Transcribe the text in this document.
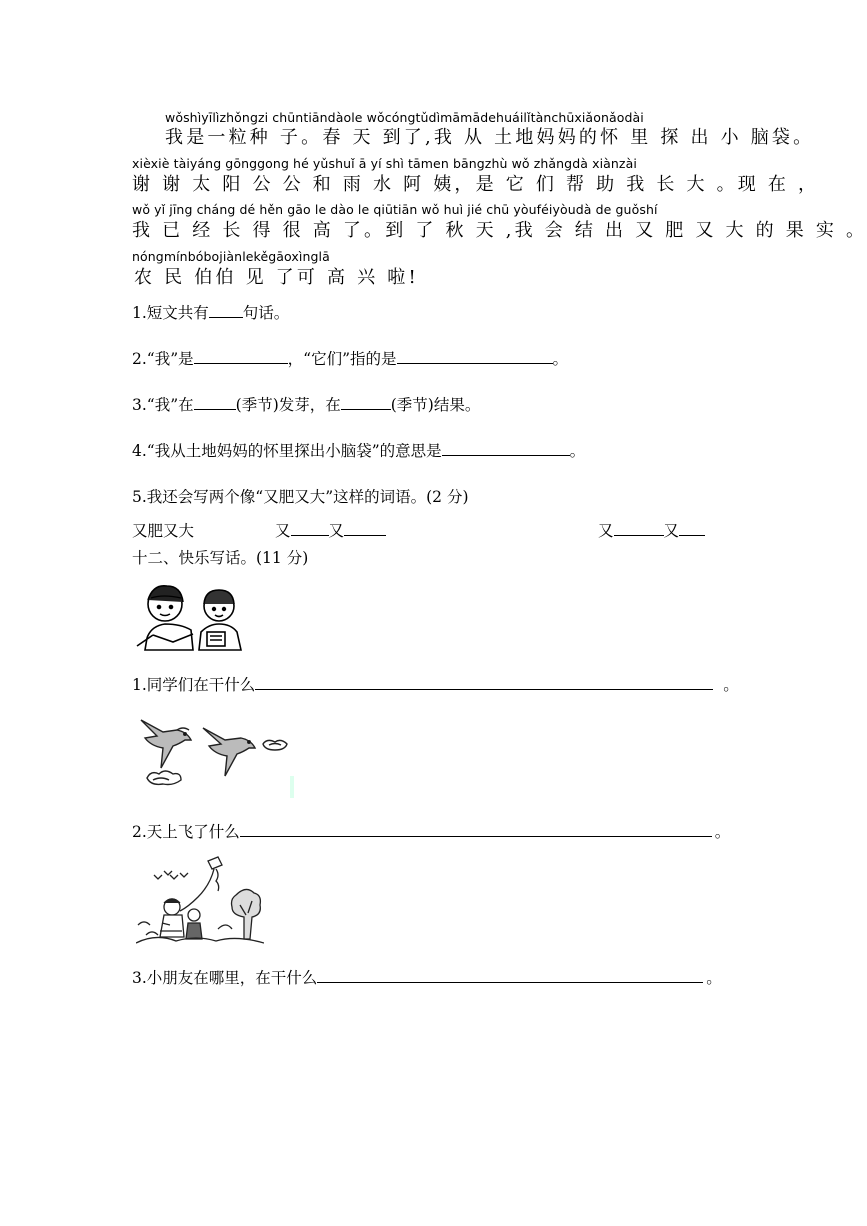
wǒshìyīlìzhǒngzi chūntiāndàole wǒcóngtǔdìmāmādehuáilǐtànchūxiǎonǎodài
我是一粒种 子。春 天 到了,我 从 土地妈妈的怀 里 探 出 小 脑袋。
xièxiè tàiyáng gōnggong hé yǔshuǐ ā yí shì tāmen bāngzhù wǒ zhǎngdà xiànzài
谢 谢 太 阳 公 公 和 雨 水 阿 姨，是 它 们 帮 助 我 长 大 。现 在 ，
wǒ yǐ jīng cháng dé hěn gāo le dào le qiūtiān wǒ huì jié chū yòuféiyòudà de guǒshí
我 已 经 长 得 很 高 了。到 了 秋 天 ,我 会 结 出 又 肥 又 大 的 果 实 。
nóngmínbóbojiànlekěgāoxìnglā
农 民 伯伯 见 了可 高 兴 啦!
1.短文共有 句话。
2.“我”是	，“它们”指的是	。
3.“我”在	(季节)发芽，在	(季节)结果。
4.“我从土地妈妈的怀里探出小脑袋”的意思是	。
5.我还会写两个像“又肥又大”这样的词语。(2 分)
又肥又大	又 又	又	又
十二、快乐写话。(11 分)
1.同学们在干什么	。
2.天上飞了什么	。
3.小朋友在哪里，在干什么	。
